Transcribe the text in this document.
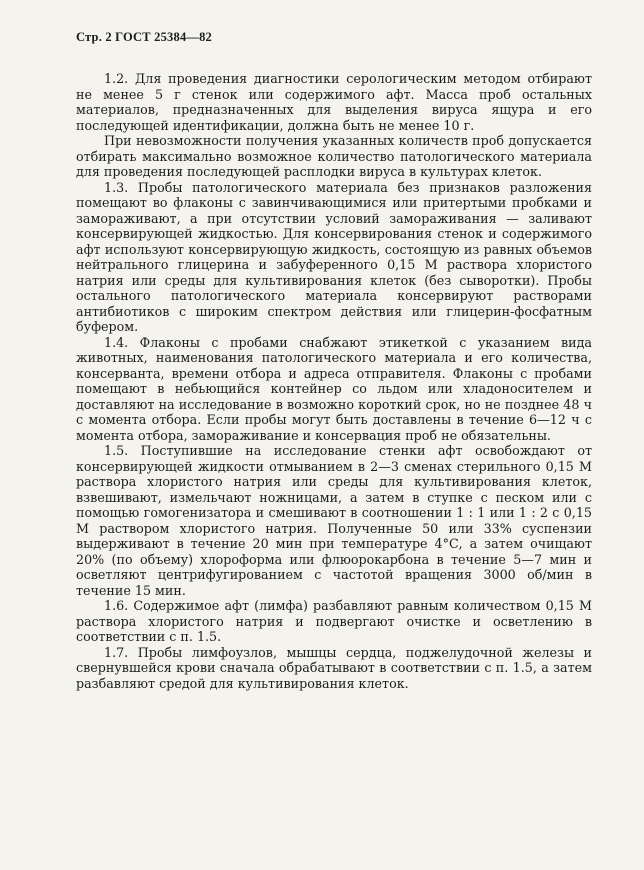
Стр. 2 ГОСТ 25384—82

1.2. Для проведения диагностики серологическим методом отбирают не менее 5 г стенок или содержимого афт. Масса проб остальных материалов, предназначенных для выделения вируса ящура и его последующей идентификации, должна быть не менее 10 г.

При невозможности получения указанных количеств проб допускается отбирать максимально возможное количество патологического материала для проведения последующей расплодки вируса в культурах клеток.

1.3. Пробы патологического материала без признаков разложения помещают во флаконы с завинчивающимися или притертыми пробками и замораживают, а при отсутствии условий замораживания — заливают консервирующей жидкостью. Для консервирования стенок и содержимого афт используют консервирующую жидкость, состоящую из равных объемов нейтрального глицерина и забуференного 0,15 М раствора хлористого натрия или среды для культивирования клеток (без сыворотки). Пробы остального патологического материала консервируют растворами антибиотиков с широким спектром действия или глицерин-фосфатным буфером.

1.4. Флаконы с пробами снабжают этикеткой с указанием вида животных, наименования патологического материала и его количества, консерванта, времени отбора и адреса отправителя. Флаконы с пробами помещают в небьющийся контейнер со льдом или хладоносителем и доставляют на исследование в возможно короткий срок, но не позднее 48 ч с момента отбора. Если пробы могут быть доставлены в течение 6—12 ч с момента отбора, замораживание и консервация проб не обязательны.

1.5. Поступившие на исследование стенки афт освобождают от консервирующей жидкости отмыванием в 2—3 сменах стерильного 0,15 М раствора хлористого натрия или среды для культивирования клеток, взвешивают, измельчают ножницами, а затем в ступке с песком или с помощью гомогенизатора и смешивают в соотношении 1 : 1 или 1 : 2 с 0,15 М раствором хлористого натрия. Полученные 50 или 33% суспензии выдерживают в течение 20 мин при температуре 4°С, а затем очищают 20% (по объему) хлороформа или флюорокарбона в течение 5—7 мин и осветляют центрифугированием с частотой вращения 3000 об/мин в течение 15 мин.

1.6. Содержимое афт (лимфа) разбавляют равным количеством 0,15 М раствора хлористого натрия и подвергают очистке и осветлению в соответствии с п. 1.5.

1.7. Пробы лимфоузлов, мышцы сердца, поджелудочной железы и свернувшейся крови сначала обрабатывают в соответствии с п. 1.5, а затем разбавляют средой для культивирования клеток.
